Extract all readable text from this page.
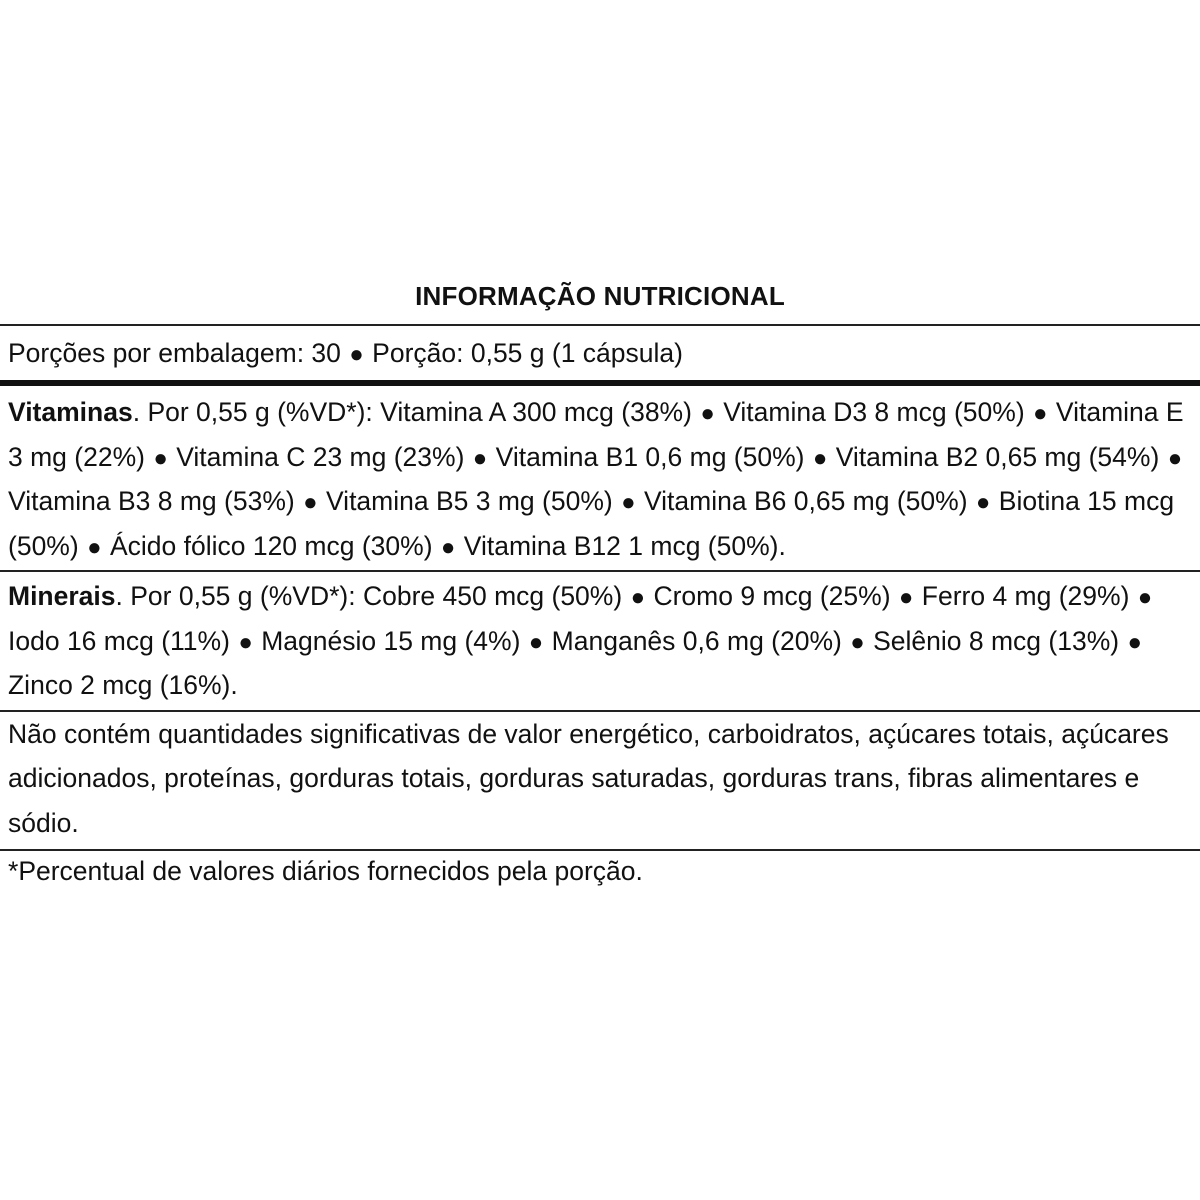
INFORMAÇÃO NUTRICIONAL
Porções por embalagem: 30 ● Porção: 0,55 g (1 cápsula)
Vitaminas. Por 0,55 g (%VD*): Vitamina A 300 mcg (38%) ● Vitamina D3 8 mcg (50%) ● Vitamina E 3 mg (22%) ● Vitamina C 23 mg (23%) ● Vitamina B1 0,6 mg (50%) ● Vitamina B2 0,65 mg (54%) ● Vitamina B3 8 mg (53%) ● Vitamina B5 3 mg (50%) ● Vitamina B6 0,65 mg (50%) ● Biotina 15 mcg (50%) ● Ácido fólico 120 mcg (30%) ● Vitamina B12 1 mcg (50%).
Minerais. Por 0,55 g (%VD*): Cobre 450 mcg (50%) ● Cromo 9 mcg (25%) ● Ferro 4 mg (29%) ● Iodo 16 mcg (11%) ● Magnésio 15 mg (4%) ● Manganês 0,6 mg (20%) ● Selênio 8 mcg (13%) ● Zinco 2 mcg (16%).
Não contém quantidades significativas de valor energético, carboidratos, açúcares totais, açúcares adicionados, proteínas, gorduras totais, gorduras saturadas, gorduras trans, fibras alimentares e sódio.
*Percentual de valores diários fornecidos pela porção.
